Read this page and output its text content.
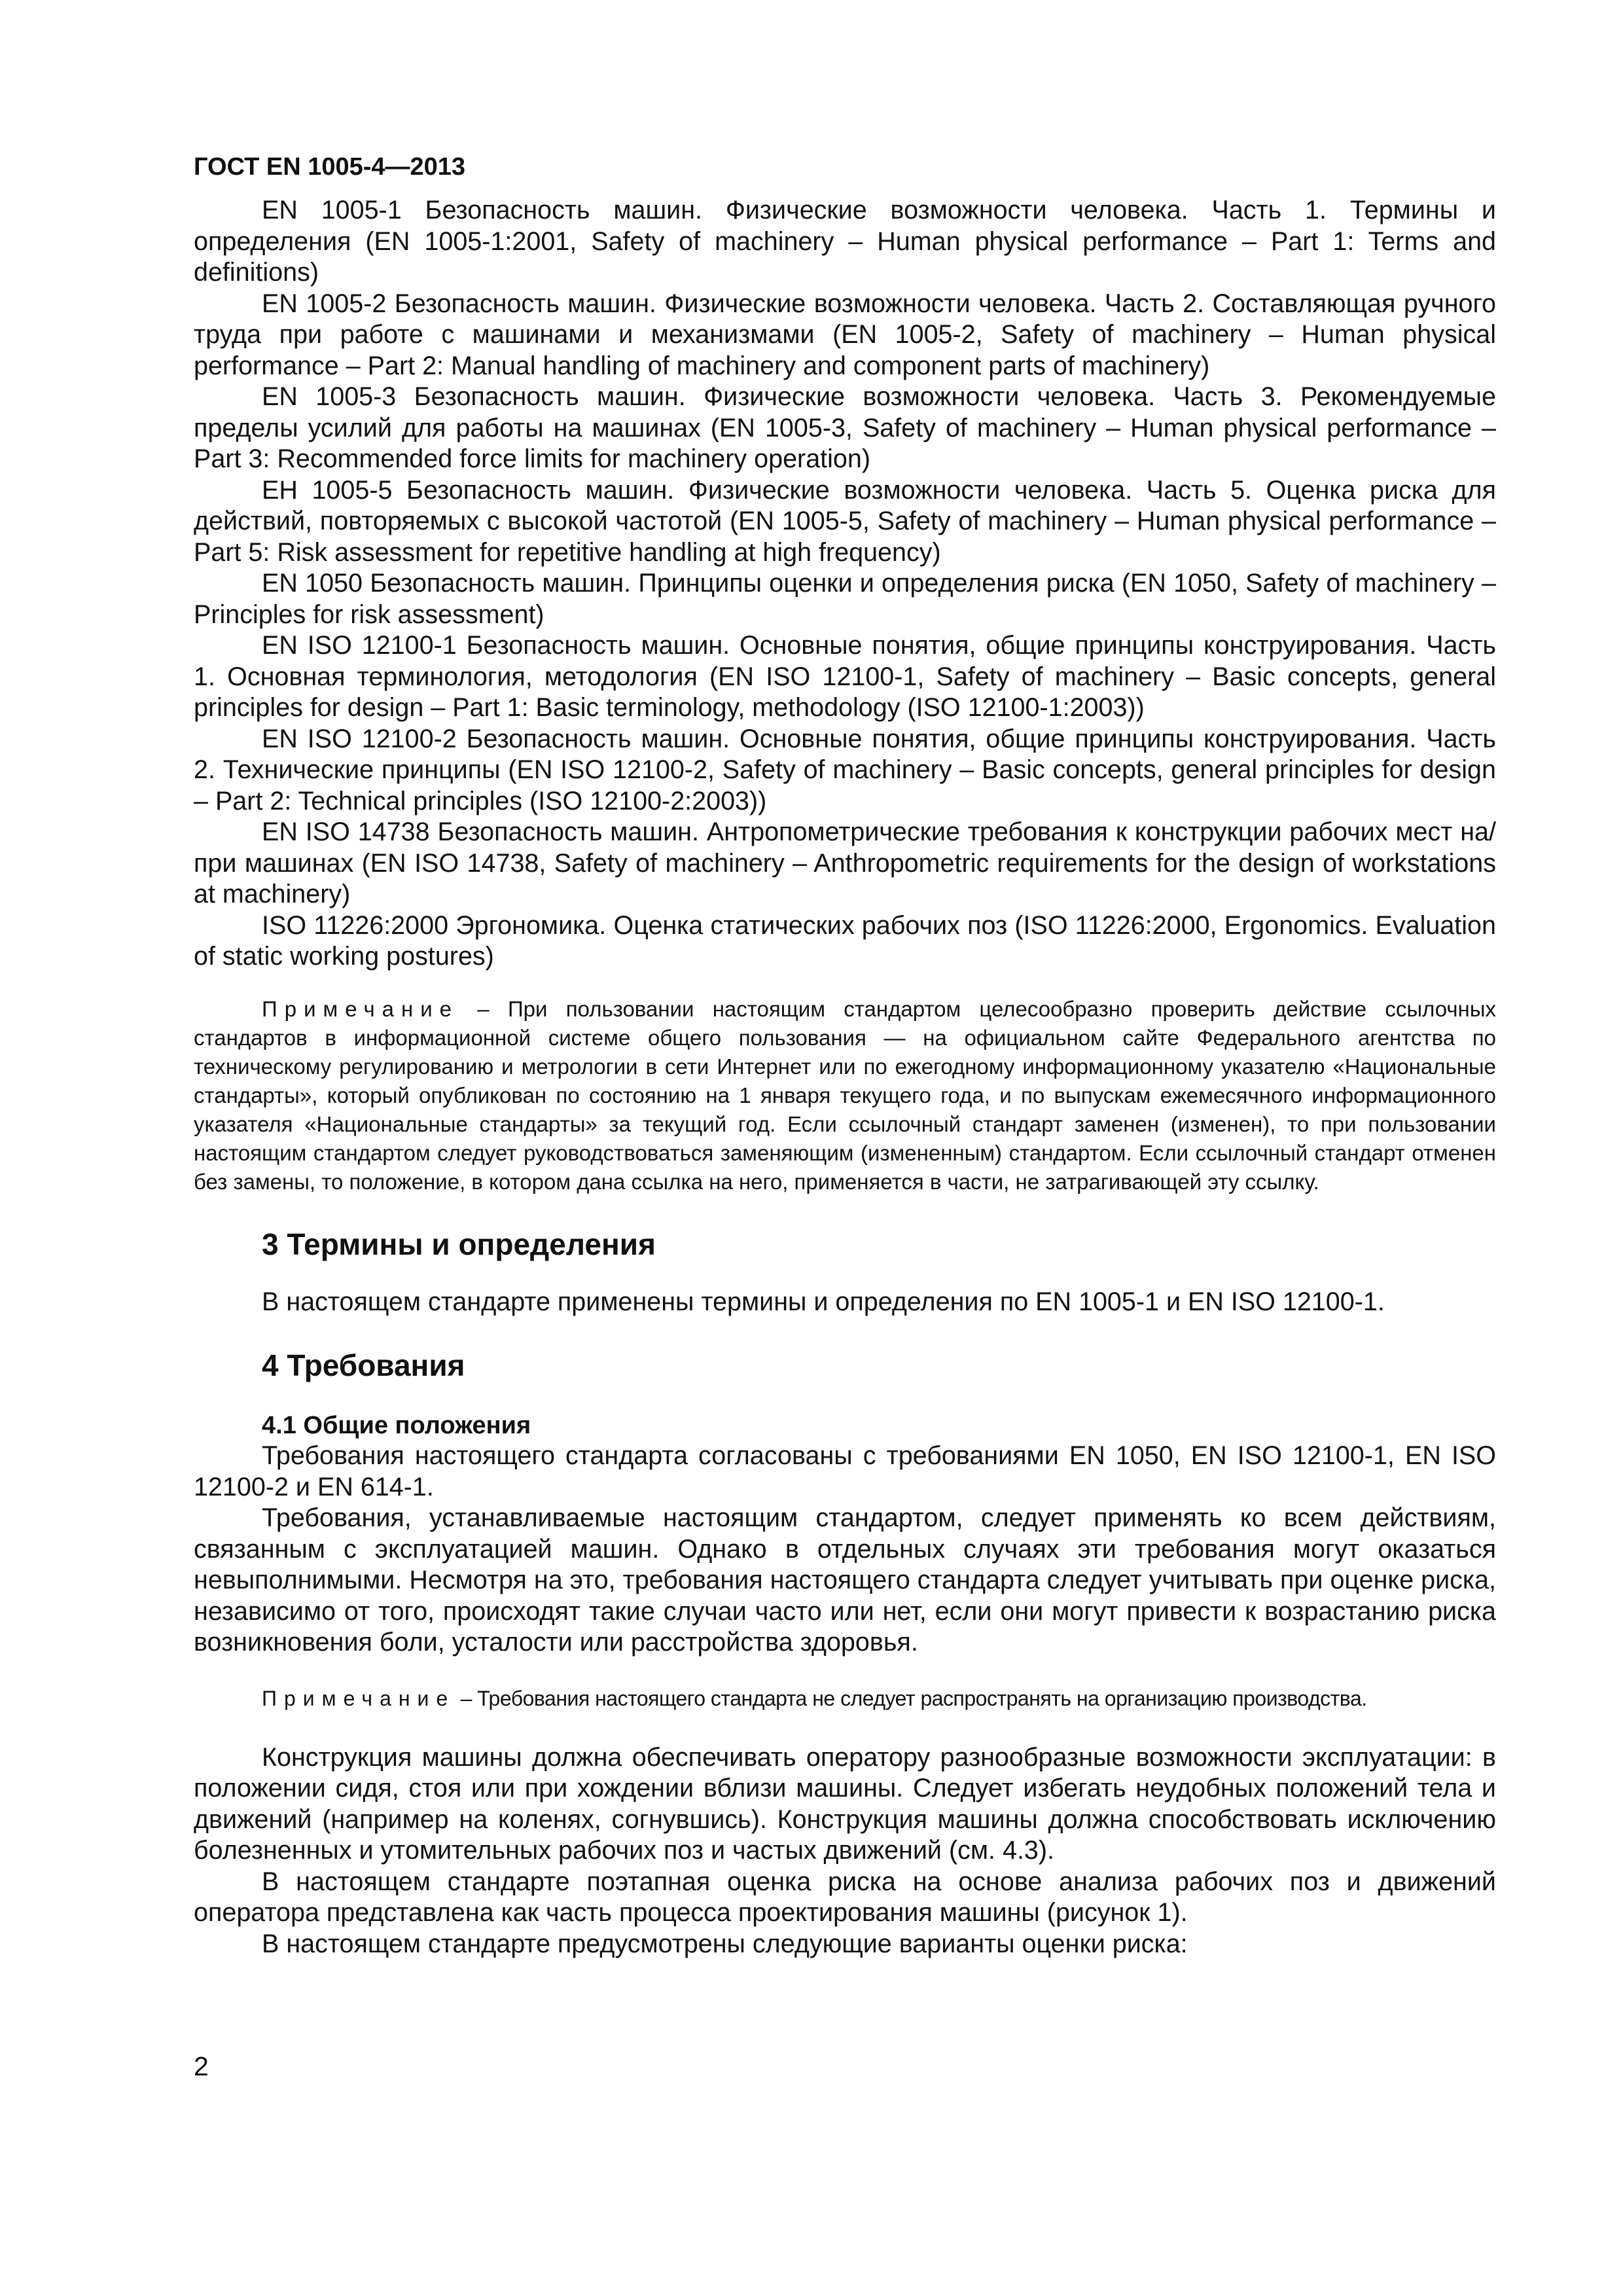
ГОСТ EN 1005-4—2013

EN 1005-1 Безопасность машин. Физические возможности человека. Часть 1. Термины и определения (EN 1005-1:2001, Safety of machinery – Human physical performance – Part 1: Terms and definitions)

EN 1005-2 Безопасность машин. Физические возможности человека. Часть 2. Составляющая ручного труда при работе с машинами и механизмами (EN 1005-2, Safety of machinery – Human physical performance – Part 2: Manual handling of machinery and component parts of machinery)

EN 1005-3 Безопасность машин. Физические возможности человека. Часть 3. Рекомендуемые пределы усилий для работы на машинах (EN 1005-3, Safety of machinery – Human physical performance – Part 3: Recommended force limits for machinery operation)

ЕН 1005-5 Безопасность машин. Физические возможности человека. Часть 5. Оценка риска для действий, повторяемых с высокой частотой (EN 1005-5, Safety of machinery – Human physical performance – Part 5: Risk assessment for repetitive handling at high frequency)

EN 1050 Безопасность машин. Принципы оценки и определения риска (EN 1050, Safety of machinery – Principles for risk assessment)

EN ISO 12100-1 Безопасность машин. Основные понятия, общие принципы конструирования. Часть 1. Основная терминология, методология (EN ISO 12100-1, Safety of machinery – Basic concepts, general principles for design – Part 1: Basic terminology, methodology (ISO 12100-1:2003))

EN ISO 12100-2 Безопасность машин. Основные понятия, общие принципы конструирования. Часть 2. Технические принципы (EN ISO 12100-2, Safety of machinery – Basic concepts, general principles for design – Part 2: Technical principles (ISO 12100-2:2003))

EN ISO 14738 Безопасность машин. Антропометрические требования к конструкции рабочих мест на/при машинах (EN ISO 14738, Safety of machinery – Anthropometric requirements for the design of workstations at machinery)

ISO 11226:2000 Эргономика. Оценка статических рабочих поз (ISO 11226:2000, Ergonomics. Evaluation of static working postures)

Примечание – При пользовании настоящим стандартом целесообразно проверить действие ссылочных стандартов в информационной системе общего пользования — на официальном сайте Федерального агентства по техническому регулированию и метрологии в сети Интернет или по ежегодному информационному указателю «Национальные стандарты», который опубликован по состоянию на 1 января текущего года, и по выпускам ежемесячного информационного указателя «Национальные стандарты» за текущий год. Если ссылочный стандарт заменен (изменен), то при пользовании настоящим стандартом следует руководствоваться заменяющим (измененным) стандартом. Если ссылочный стандарт отменен без замены, то положение, в котором дана ссылка на него, применяется в части, не затрагивающей эту ссылку.

3 Термины и определения

В настоящем стандарте применены термины и определения по EN 1005-1 и EN ISO 12100-1.

4 Требования

4.1 Общие положения

Требования настоящего стандарта согласованы с требованиями EN 1050, EN ISO 12100-1, EN ISO 12100-2 и EN 614-1.

Требования, устанавливаемые настоящим стандартом, следует применять ко всем действиям, связанным с эксплуатацией машин. Однако в отдельных случаях эти требования могут оказаться невыполнимыми. Несмотря на это, требования настоящего стандарта следует учитывать при оценке риска, независимо от того, происходят такие случаи часто или нет, если они могут привести к возрастанию риска возникновения боли, усталости или расстройства здоровья.

Примечание – Требования настоящего стандарта не следует распространять на организацию производства.

Конструкция машины должна обеспечивать оператору разнообразные возможности эксплуатации: в положении сидя, стоя или при хождении вблизи машины. Следует избегать неудобных положений тела и движений (например на коленях, согнувшись). Конструкция машины должна способствовать исключению болезненных и утомительных рабочих поз и частых движений (см. 4.3).

В настоящем стандарте поэтапная оценка риска на основе анализа рабочих поз и движений оператора представлена как часть процесса проектирования машины (рисунок 1).

В настоящем стандарте предусмотрены следующие варианты оценки риска:

2
